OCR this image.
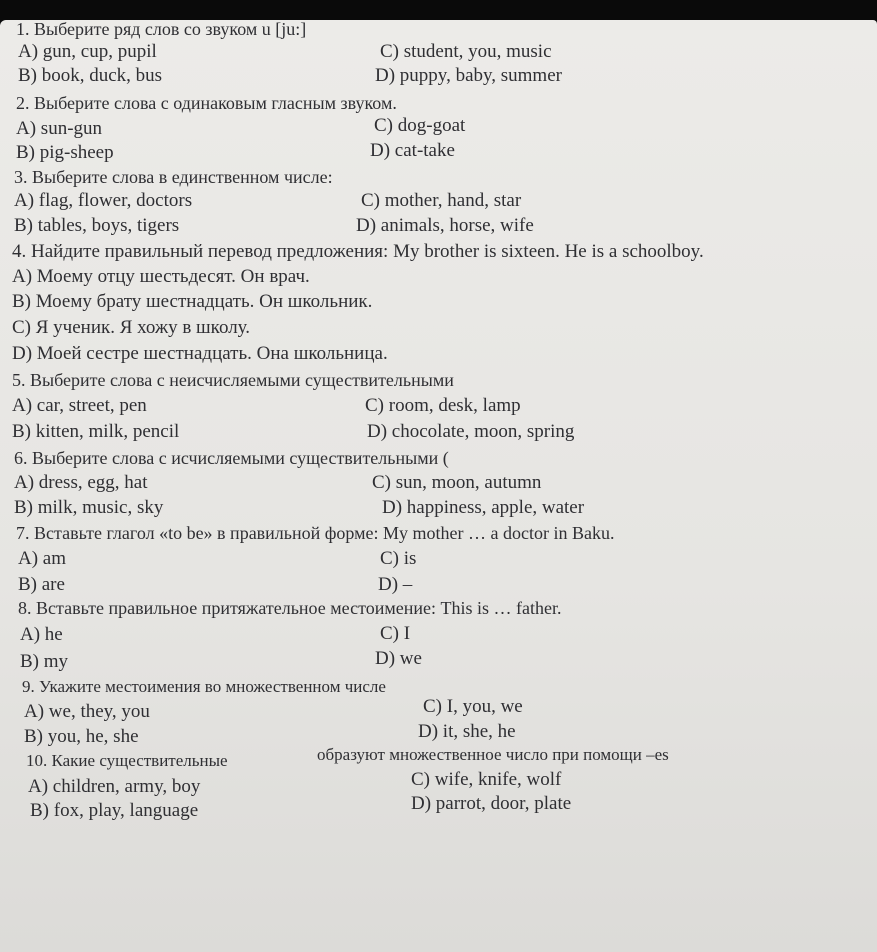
1. Выберите ряд слов со звуком u [ju:]
A) gun, cup, pupil	C) student, you, music
B) book, duck, bus	D) puppy, baby, summer
2. Выберите слова с одинаковым гласным звуком.
A) sun-gun	C) dog-goat
B) pig-sheep	D) cat-take
3. Выберите слова в единственном числе:
A) flag, flower, doctors	C) mother, hand, star
B) tables, boys, tigers	D) animals, horse, wife
4. Найдите правильный перевод предложения: My brother is sixteen. He is a schoolboy.
A) Моему отцу шестьдесят. Он врач.
B) Моему брату шестнадцать. Он школьник.
C) Я ученик. Я хожу в школу.
D) Моей сестре шестнадцать. Она школьница.
5. Выберите слова с неисчисляемыми существительными
A) car, street, pen	C) room, desk, lamp
B) kitten, milk, pencil	D) chocolate, moon, spring
6. Выберите слова с исчисляемыми существительными (
A) dress, egg, hat	C) sun, moon, autumn
B) milk, music, sky	D) happiness, apple, water
7. Вставьте глагол «to be» в правильной форме: My mother … a doctor in Baku.
A) am	C) is
B) are	D) –
8. Вставьте правильное притяжательное местоимение: This is … father.
A) he	C) I
B) my	D) we
9. Укажите местоимения во множественном числе
A) we, they, you	C) I, you, we
B) you, he, she	D) it, she, he
10. Какие существительные	образуют множественное число при помощи –es
A) children, army, boy	C) wife, knife, wolf
B) fox, play, language	D) parrot, door, plate
